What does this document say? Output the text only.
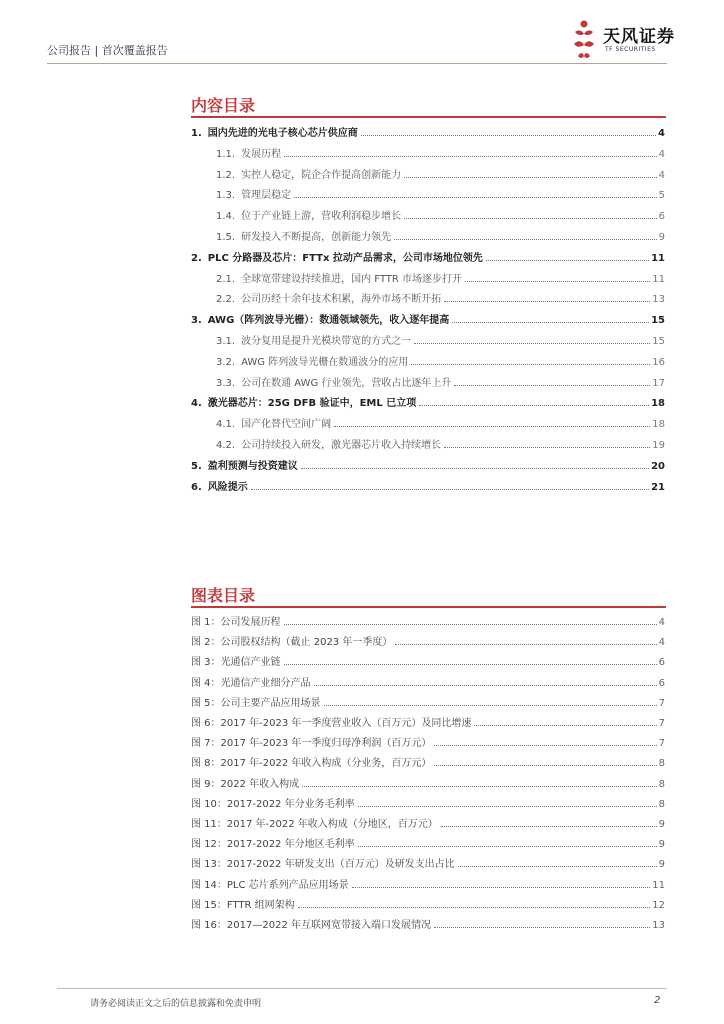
公司报告 | 首次覆盖报告
天风证券
TF SECURITIES
内容目录
1. 国内先进的光电子核心芯片供应商	4
1.1. 发展历程	4
1.2. 实控人稳定，院企合作提高创新能力	4
1.3. 管理层稳定	5
1.4. 位于产业链上游，营收利润稳步增长	6
1.5. 研发投入不断提高，创新能力领先	9
2. PLC 分路器及芯片：FTTx 拉动产品需求，公司市场地位领先	11
2.1. 全球宽带建设持续推进，国内 FTTR 市场逐步打开	11
2.2. 公司历经十余年技术积累，海外市场不断开拓	13
3. AWG（阵列波导光栅）：数通领域领先，收入逐年提高	15
3.1. 波分复用是提升光模块带宽的方式之一	15
3.2. AWG 阵列波导光栅在数通波分的应用	16
3.3. 公司在数通 AWG 行业领先，营收占比逐年上升	17
4. 激光器芯片：25G DFB 验证中，EML 已立项	18
4.1. 国产化替代空间广阔	18
4.2. 公司持续投入研发，激光器芯片收入持续增长	19
5. 盈利预测与投资建议	20
6. 风险提示	21
图表目录
图 1： 公司发展历程	4
图 2： 公司股权结构（截止 2023 年一季度）	4
图 3： 光通信产业链	6
图 4： 光通信产业细分产品	6
图 5： 公司主要产品应用场景	7
图 6： 2017 年-2023 年一季度营业收入（百万元）及同比增速	7
图 7： 2017 年-2023 年一季度归母净利润（百万元）	7
图 8： 2017 年-2022 年收入构成（分业务，百万元）	8
图 9： 2022 年收入构成	8
图 10： 2017-2022 年分业务毛利率	8
图 11： 2017 年-2022 年收入构成（分地区，百万元）	9
图 12： 2017-2022 年分地区毛利率	9
图 13： 2017-2022 年研发支出（百万元）及研发支出占比	9
图 14： PLC 芯片系列产品应用场景	11
图 15： FTTR 组网架构	12
图 16： 2017—2022 年互联网宽带接入端口发展情况	13
请务必阅读正文之后的信息披露和免责申明	2
